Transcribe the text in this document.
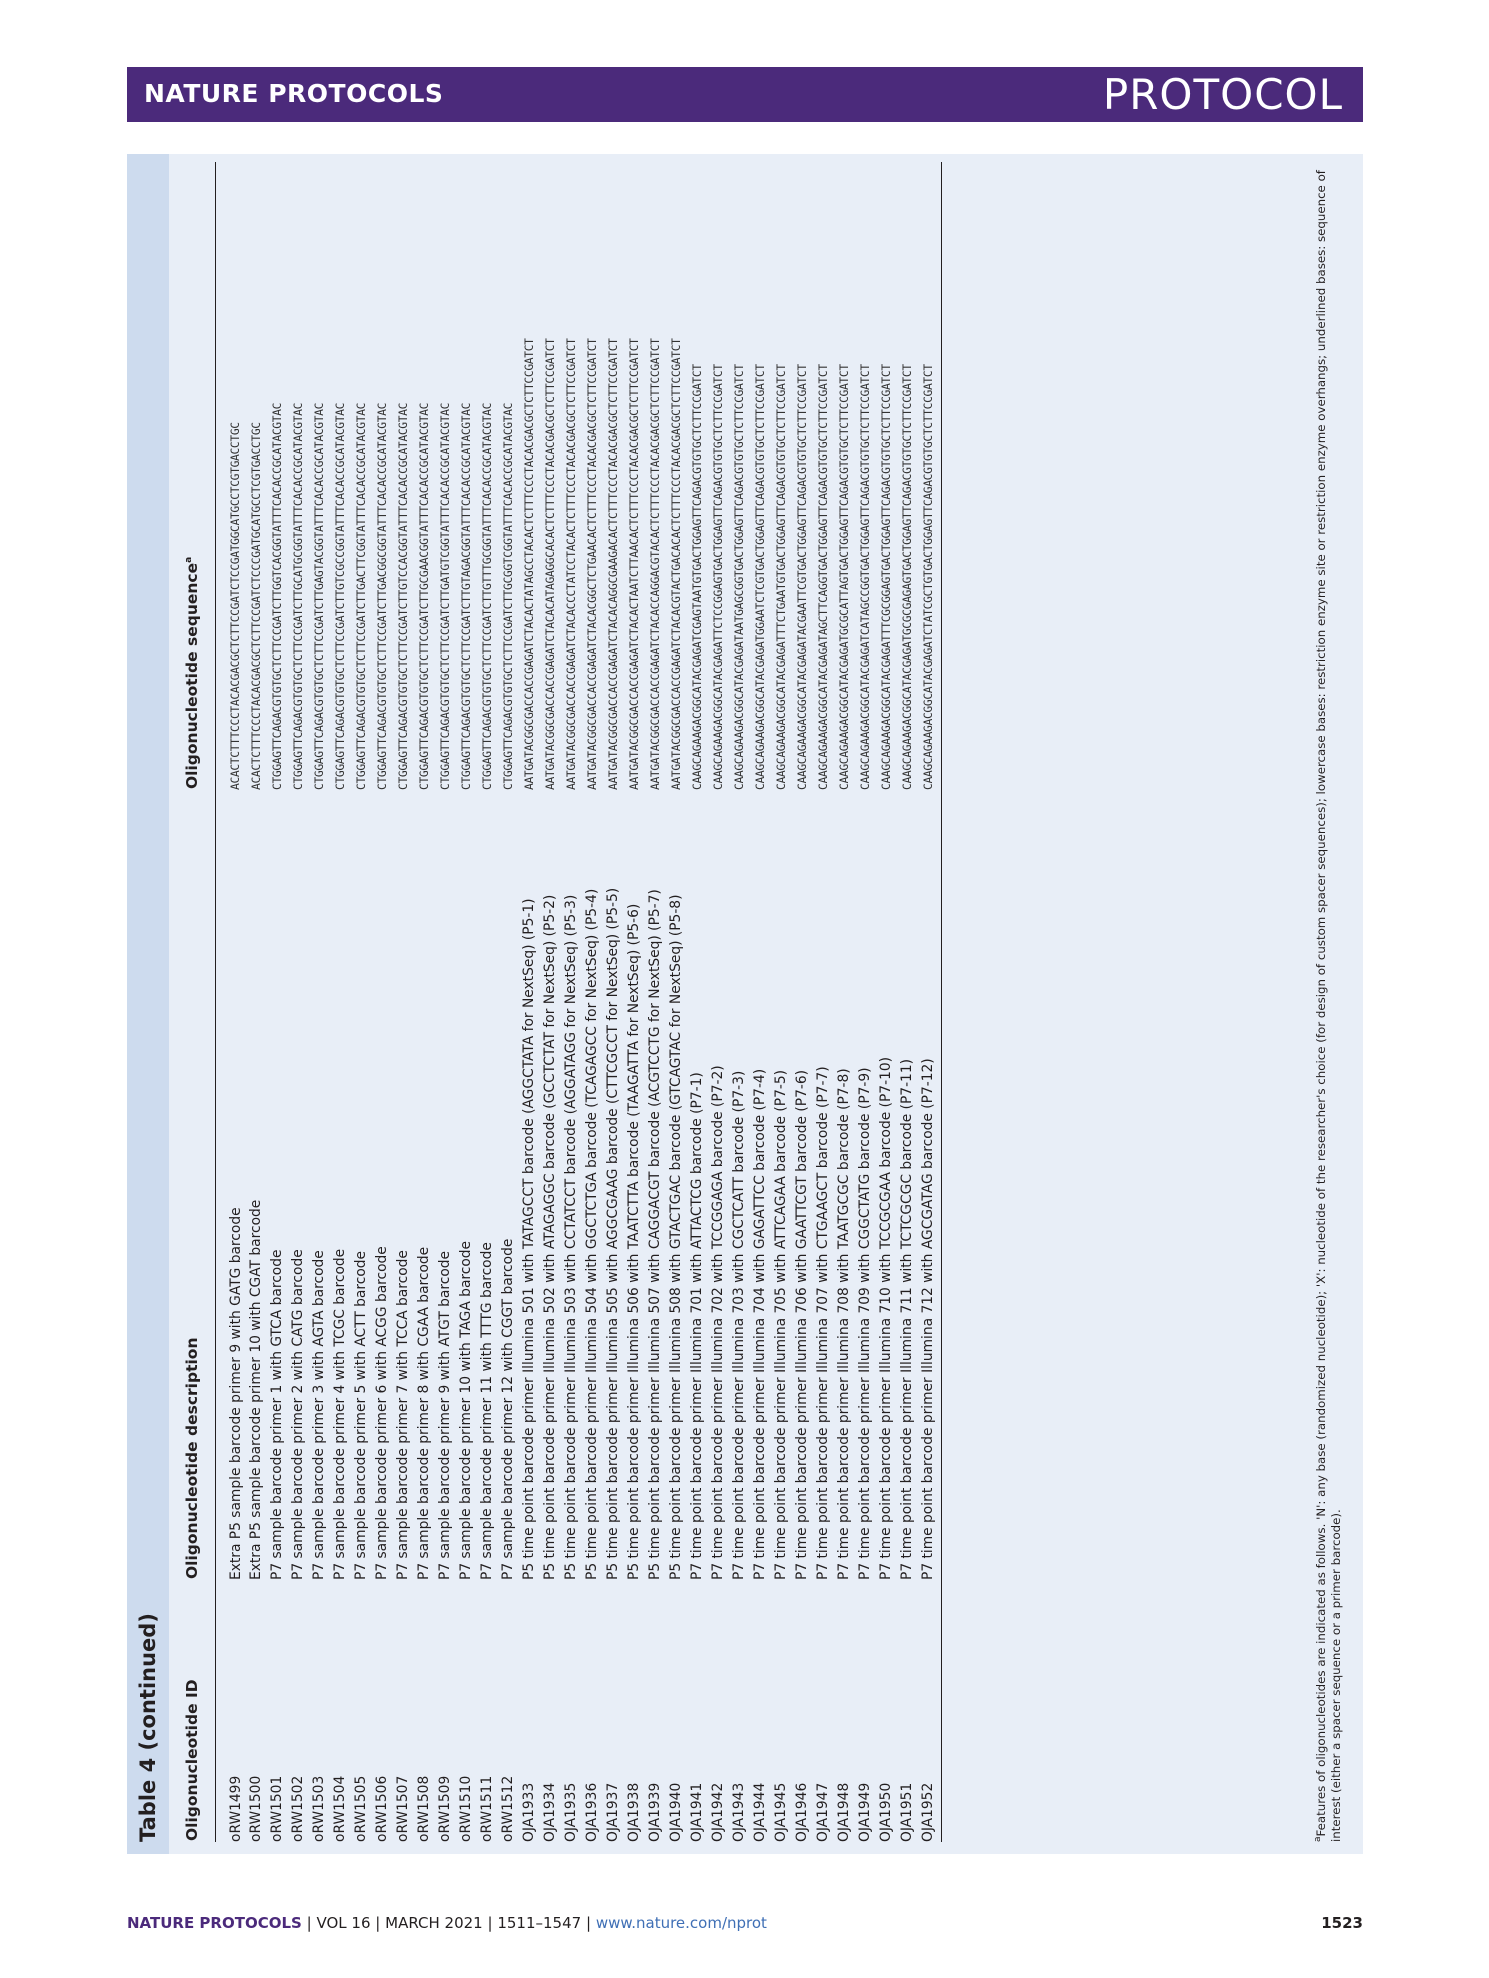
NATURE PROTOCOLS	PROTOCOL
Table 4 (continued)	Oligonucleotide ID	Oligonucleotide description	Oligonucleotide sequence$^a$
oRW1499	Extra P5 sample barcode primer 9 with GATG barcode	ACACTCTTTCCCTACACGACGCTCTTCCGATCTCCGATGGCATGCCTCGTGACCTGC
oRW1500	Extra P5 sample barcode primer 10 with CGAT barcode	ACACTCTTTCCCTACACGACGCTCTTCCGATCTCCCGATGCATGCCTCGTGACCTGC
oRW1501	P7 sample barcode primer 1 with GTCA barcode	CTGGAGTTCAGACGTGTGCTCTTCCGATCTTGGTCACGGTATTTCACACCGCATACGTAC
oRW1502	P7 sample barcode primer 2 with CATG barcode	CTGGAGTTCAGACGTGTGCTCTTCCGATCTTGCATGCGGTATTTCACACCGCATACGTAC
oRW1503	P7 sample barcode primer 3 with AGTA barcode	CTGGAGTTCAGACGTGTGCTCTTCCGATCTTGAGTACGGTATTTCACACCGCATACGTAC
oRW1504	P7 sample barcode primer 4 with TCGC barcode	CTGGAGTTCAGACGTGTGCTCTTCCGATCTTGTCGCCGGTATTTCACACCGCATACGTAC
oRW1505	P7 sample barcode primer 5 with ACTT barcode	CTGGAGTTCAGACGTGTGCTCTTCCGATCTTGACTTCGGTATTTCACACCGCATACGTAC
oRW1506	P7 sample barcode primer 6 with ACGG barcode	CTGGAGTTCAGACGTGTGCTCTTCCGATCTTGACGGCGGTATTTCACACCGCATACGTAC
oRW1507	P7 sample barcode primer 7 with TCCA barcode	CTGGAGTTCAGACGTGTGCTCTTCCGATCTTGTCCACGGTATTTCACACCGCATACGTAC
oRW1508	P7 sample barcode primer 8 with CGAA barcode	CTGGAGTTCAGACGTGTGCTCTTCCGATCTTGCGAACGGTATTTCACACCGCATACGTAC
oRW1509	P7 sample barcode primer 9 with ATGT barcode	CTGGAGTTCAGACGTGTGCTCTTCCGATCTTGATGTCGGTATTTCACACCGCATACGTAC
oRW1510	P7 sample barcode primer 10 with TAGA barcode	CTGGAGTTCAGACGTGTGCTCTTCCGATCTTGTAGACGGTATTTCACACCGCATACGTAC
oRW1511	P7 sample barcode primer 11 with TTTG barcode	CTGGAGTTCAGACGTGTGCTCTTCCGATCTTGTTTGCGGTATTTCACACCGCATACGTAC
oRW1512	P7 sample barcode primer 12 with CGGT barcode	CTGGAGTTCAGACGTGTGCTCTTCCGATCTTGCGGTCGGTATTTCACACCGCATACGTAC
OJA1933	P5 time point barcode primer Illumina 501 with TATAGCCT barcode (AGGCTATA for NextSeq) (P5-1)	AATGATACGGCGACCACCGAGATCTACACTATAGCCTACACTCTTTCCCTACACGACGCTCTTCCGATCT
OJA1934	P5 time point barcode primer Illumina 502 with ATAGAGGC barcode (GCCTCTAT for NextSeq) (P5-2)	AATGATACGGCGACCACCGAGATCTACACATAGAGGCACACTCTTTCCCTACACGACGCTCTTCCGATCT
OJA1935	P5 time point barcode primer Illumina 503 with CCTATCCT barcode (AGGATAGG for NextSeq) (P5-3)	AATGATACGGCGACCACCGAGATCTACACCCTATCCTACACTCTTTCCCTACACGACGCTCTTCCGATCT
OJA1936	P5 time point barcode primer Illumina 504 with GGCTCTGA barcode (TCAGAGCC for NextSeq) (P5-4)	AATGATACGGCGACCACCGAGATCTACACGGCTCTGAACACTCTTTCCCTACACGACGCTCTTCCGATCT
OJA1937	P5 time point barcode primer Illumina 505 with AGGCGAAG barcode (CTTCGCCT for NextSeq) (P5-5)	AATGATACGGCGACCACCGAGATCTACACAGGCGAAGACACTCTTTCCCTACACGACGCTCTTCCGATCT
OJA1938	P5 time point barcode primer Illumina 506 with TAATCTTA barcode (TAAGATTA for NextSeq) (P5-6)	AATGATACGGCGACCACCGAGATCTACACTAATCTTAACACTCTTTCCCTACACGACGCTCTTCCGATCT
OJA1939	P5 time point barcode primer Illumina 507 with CAGGACGT barcode (ACGTCCTG for NextSeq) (P5-7)	AATGATACGGCGACCACCGAGATCTACACCAGGACGTACACTCTTTCCCTACACGACGCTCTTCCGATCT
OJA1940	P5 time point barcode primer Illumina 508 with GTACTGAC barcode (GTCAGTAC for NextSeq) (P5-8)	AATGATACGGCGACCACCGAGATCTACACGTACTGACACACTCTTTCCCTACACGACGCTCTTCCGATCT
OJA1941	P7 time point barcode primer Illumina 701 with ATTACTCG barcode (P7-1)	CAAGCAGAAGACGGCATACGAGATCGAGTAATGTGACTGGAGTTCAGACGTGTGCTCTTCCGATCT
OJA1942	P7 time point barcode primer Illumina 702 with TCCGGAGA barcode (P7-2)	CAAGCAGAAGACGGCATACGAGATTCTCCGGAGTGACTGGAGTTCAGACGTGTGCTCTTCCGATCT
OJA1943	P7 time point barcode primer Illumina 703 with CGCTCATT barcode (P7-3)	CAAGCAGAAGACGGCATACGAGATAATGAGCGGTGACTGGAGTTCAGACGTGTGCTCTTCCGATCT
OJA1944	P7 time point barcode primer Illumina 704 with GAGATTCC barcode (P7-4)	CAAGCAGAAGACGGCATACGAGATGGAATCTCGTGACTGGAGTTCAGACGTGTGCTCTTCCGATCT
OJA1945	P7 time point barcode primer Illumina 705 with ATTCAGAA barcode (P7-5)	CAAGCAGAAGACGGCATACGAGATTTCTGAATGTGACTGGAGTTCAGACGTGTGCTCTTCCGATCT
OJA1946	P7 time point barcode primer Illumina 706 with GAATTCGT barcode (P7-6)	CAAGCAGAAGACGGCATACGAGATACGAATTCGTGACTGGAGTTCAGACGTGTGCTCTTCCGATCT
OJA1947	P7 time point barcode primer Illumina 707 with CTGAAGCT barcode (P7-7)	CAAGCAGAAGACGGCATACGAGATAGCTTCAGGTGACTGGAGTTCAGACGTGTGCTCTTCCGATCT
OJA1948	P7 time point barcode primer Illumina 708 with TAATGCGC barcode (P7-8)	CAAGCAGAAGACGGCATACGAGATGCGCATTAGTGACTGGAGTTCAGACGTGTGCTCTTCCGATCT
OJA1949	P7 time point barcode primer Illumina 709 with CGGCTATG barcode (P7-9)	CAAGCAGAAGACGGCATACGAGATCATAGCCGGTGACTGGAGTTCAGACGTGTGCTCTTCCGATCT
OJA1950	P7 time point barcode primer Illumina 710 with TCCGCGAA barcode (P7-10)	CAAGCAGAAGACGGCATACGAGATTTCGCGGAGTGACTGGAGTTCAGACGTGTGCTCTTCCGATCT
OJA1951	P7 time point barcode primer Illumina 711 with TCTCGCGC barcode (P7-11)	CAAGCAGAAGACGGCATACGAGATGCGCGAGAGTGACTGGAGTTCAGACGTGTGCTCTTCCGATCT
OJA1952	P7 time point barcode primer Illumina 712 with AGCGATAG barcode (P7-12)	CAAGCAGAAGACGGCATACGAGATCTATCGCTGTGACTGGAGTTCAGACGTGTGCTCTTCCGATCT
$^a$Features of oligonucleotides are indicated as follows. 'N': any base (randomized nucleotide); 'X': nucleotide of the researcher's choice (for design of custom spacer sequences); lowercase bases: restriction enzyme site or restriction enzyme overhangs; underlined bases: sequence of interest (either a spacer sequence or a primer barcode).
NATURE PROTOCOLS | VOL 16 | MARCH 2021 | 1511–1547 | www.nature.com/nprot	1523
